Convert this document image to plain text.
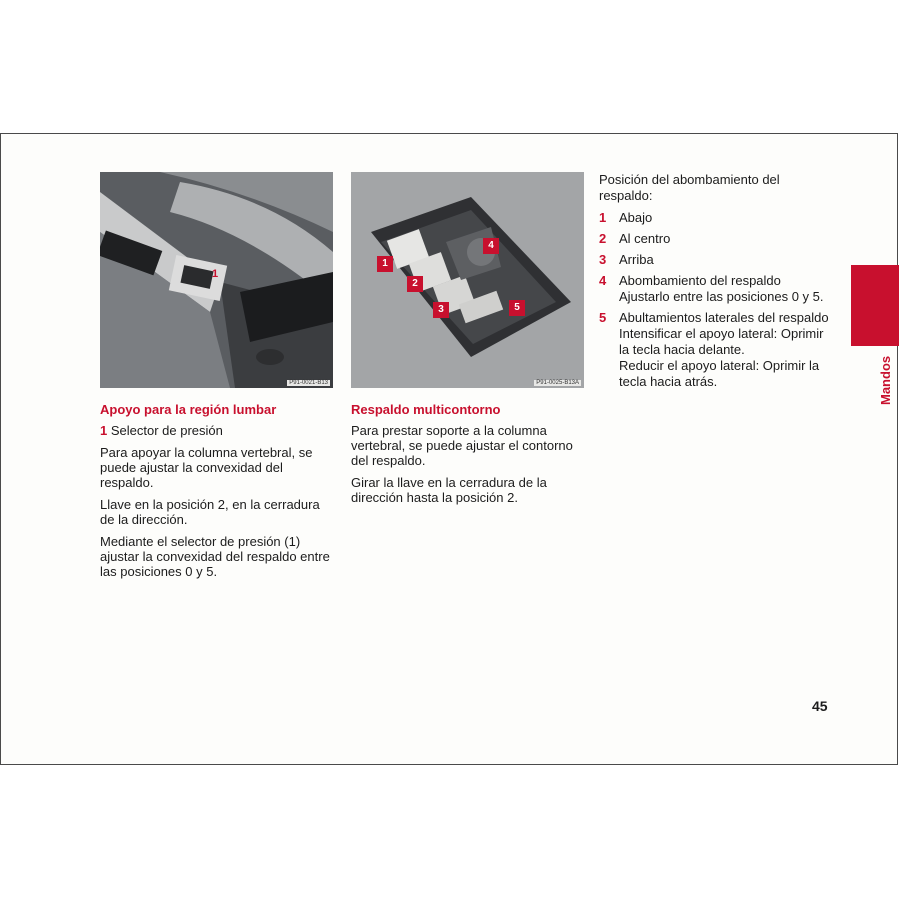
1
P91-0021-B13
Apoyo para la región lumbar

1 Selector de presión

Para apoyar la columna vertebral, se puede ajustar la convexidad del respaldo.

Llave en la posición 2, en la cerradura de la dirección.

Mediante el selector de presión (1) ajustar la convexidad del respaldo entre las posiciones 0 y 5.

1
2
3
4
5
P91-0025-B13A
Respaldo multicontorno

Para prestar soporte a la columna vertebral, se puede ajustar el contorno del respaldo.

Girar la llave en la cerradura de la dirección hasta la posición 2.

Posición del abombamiento del respaldo:

1 Abajo
2 Al centro
3 Arriba
4 Abombamiento del respaldo
Ajustarlo entre las posiciones 0 y 5.
5 Abultamientos laterales del respaldo
Intensificar el apoyo lateral: Oprimir la tecla hacia delante.
Reducir el apoyo lateral: Oprimir la tecla hacia atrás.	Mandos
45
